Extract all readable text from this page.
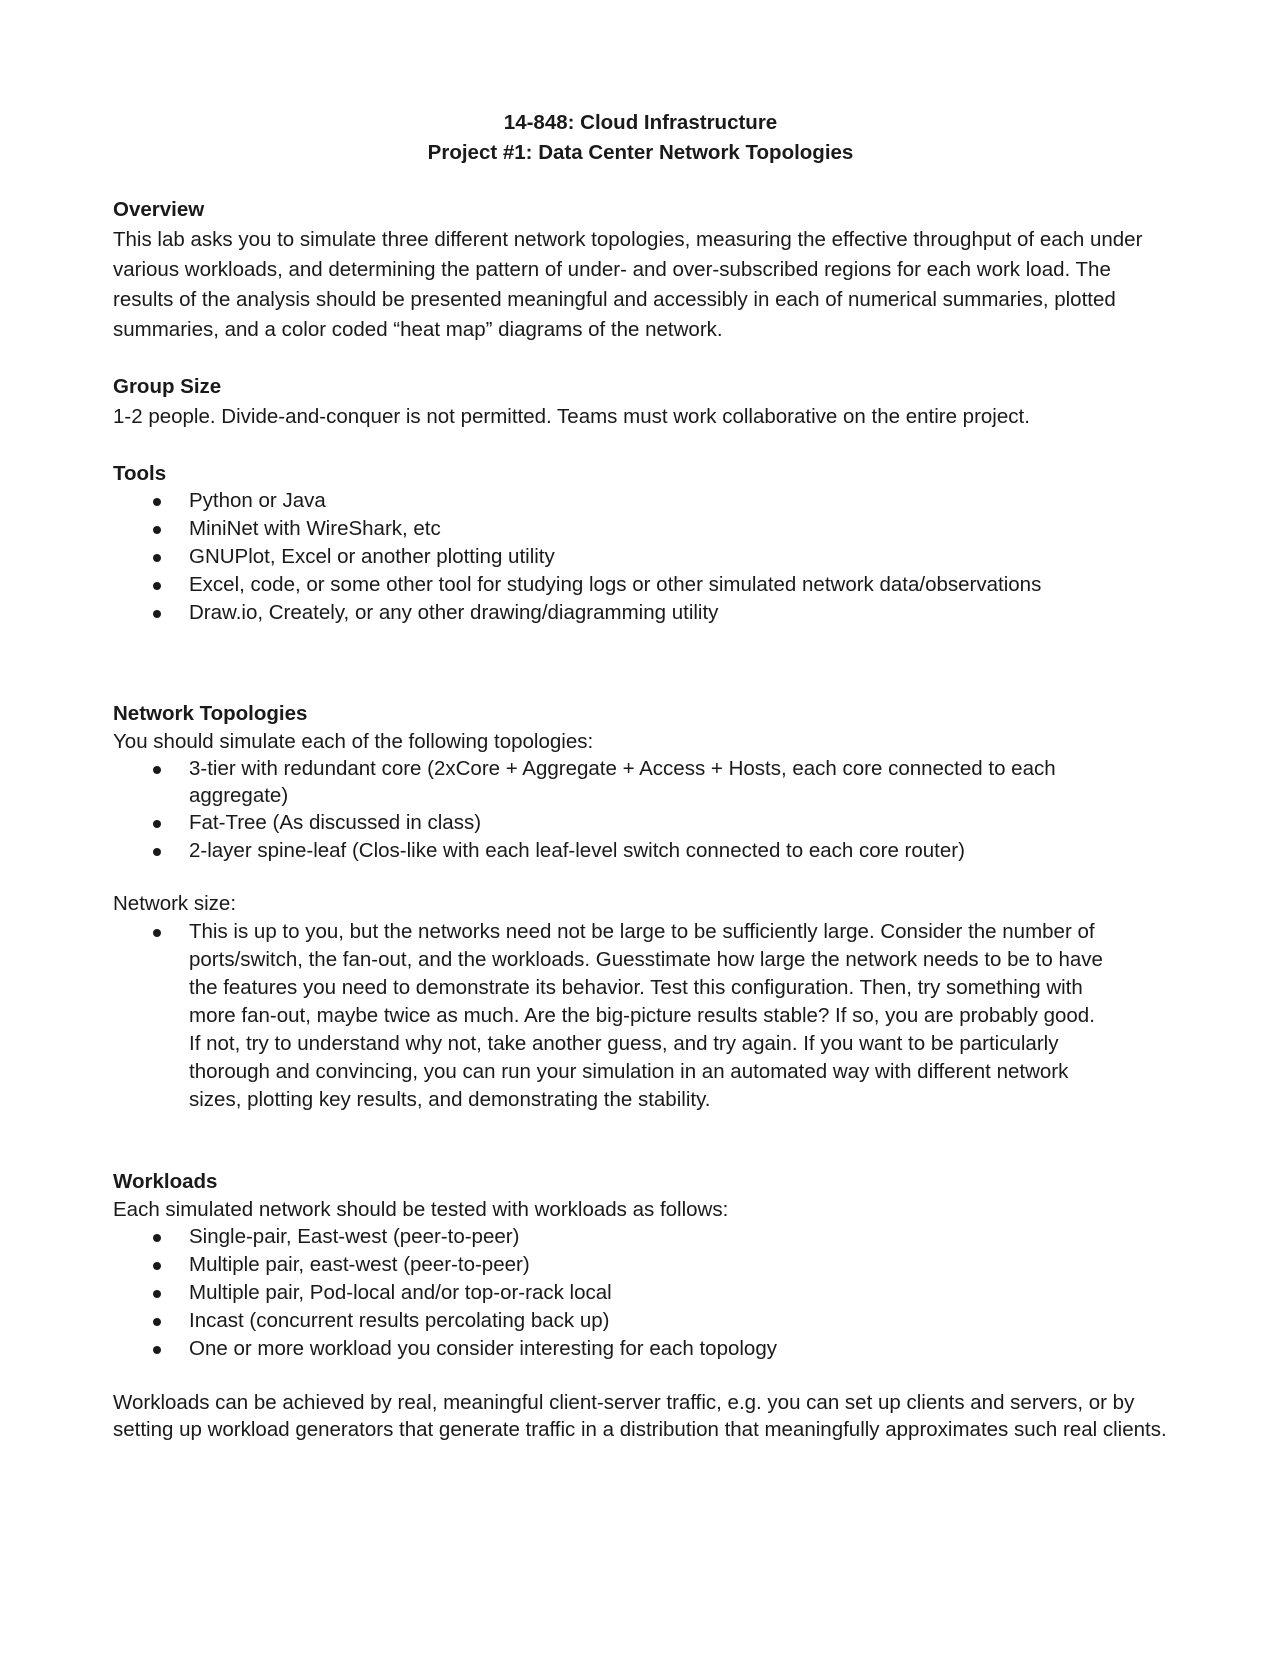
14-848: Cloud Infrastructure
Project #1: Data Center Network Topologies
Overview

This lab asks you to simulate three different network topologies, measuring the effective throughput of each under various workloads, and determining the pattern of under- and over-subscribed regions for each work load. The results of the analysis should be presented meaningful and accessibly in each of numerical summaries, plotted summaries, and a color coded “heat map” diagrams of the network.

Group Size

1-2 people. Divide-and-conquer is not permitted. Teams must work collaborative on the entire project.

Tools
Python or Java
MiniNet with WireShark, etc
GNUPlot, Excel or another plotting utility
Excel, code, or some other tool for studying logs or other simulated network data/observations
Draw.io, Creately, or any other drawing/diagramming utility
Network Topologies

You should simulate each of the following topologies:

3-tier with redundant core (2xCore + Aggregate + Access + Hosts, each core connected to each aggregate)
Fat-Tree (As discussed in class)
2-layer spine-leaf (Clos-like with each leaf-level switch connected to each core router)

Network size:

This is up to you, but the networks need not be large to be sufficiently large. Consider the number of ports/switch, the fan-out, and the workloads. Guesstimate how large the network needs to be to have the features you need to demonstrate its behavior. Test this configuration. Then, try something with more fan-out, maybe twice as much. Are the big-picture results stable? If so, you are probably good. If not, try to understand why not, take another guess, and try again. If you want to be particularly thorough and convincing, you can run your simulation in an automated way with different network sizes, plotting key results, and demonstrating the stability.
Workloads

Each simulated network should be tested with workloads as follows:

Single-pair, East-west (peer-to-peer)
Multiple pair, east-west (peer-to-peer)
Multiple pair, Pod-local and/or top-or-rack local
Incast (concurrent results percolating back up)
One or more workload you consider interesting for each topology

Workloads can be achieved by real, meaningful client-server traffic, e.g. you can set up clients and servers, or by setting up workload generators that generate traffic in a distribution that meaningfully approximates such real clients.
